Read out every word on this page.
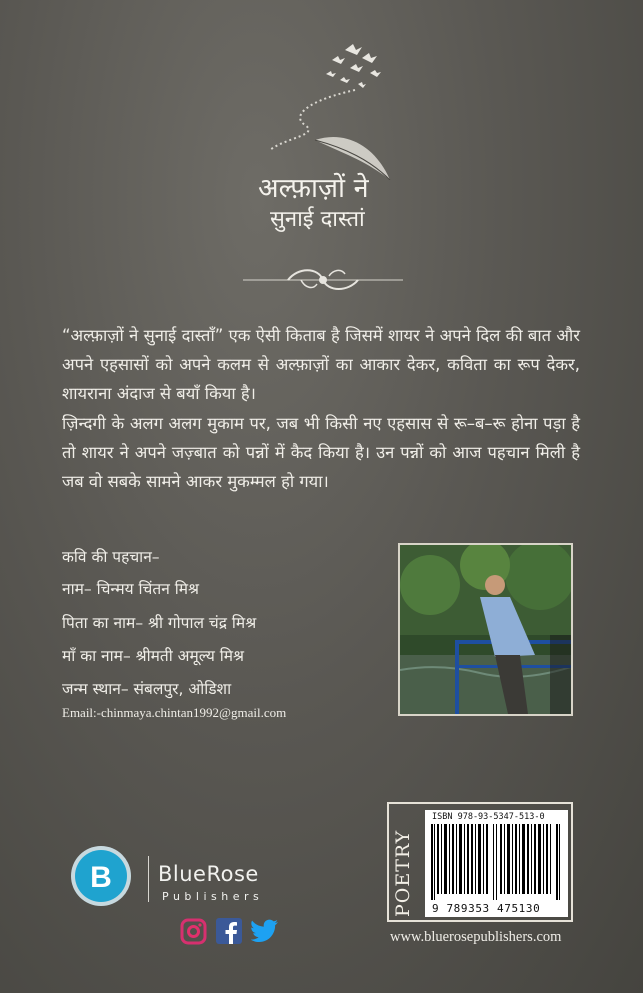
अल्फ़ाज़ों ने
सुनाई दास्तां
“अल्फ़ाज़ों ने सुनाई दास्ताँ” एक ऐसी किताब है जिसमें शायर ने अपने दिल की बात और अपने एहसासों को अपने कलम से अल्फ़ाज़ों का आकार देकर, कविता का रूप देकर, शायराना अंदाज से बयाँ किया है।
ज़िन्दगी के अलग अलग मुकाम पर, जब भी किसी नए एहसास से रू–ब–रू होना पड़ा है तो शायर ने अपने जज़्बात को पन्नों में कैद किया है। उन पन्नों को आज पहचान मिली है जब वो सबके सामने आकर मुकम्मल हो गया।
कवि की पहचान–
नाम– चिन्मय चिंतन मिश्र
पिता का नाम– श्री गोपाल चंद्र मिश्र
माँ का नाम– श्रीमती अमूल्य मिश्र
जन्म स्थान– संबलपुर, ओडिशा
Email:-chinmaya.chintan1992@gmail.com
ISBN 978-93-5347-513-0
9 789353 475130
POETRY
www.bluerosepublishers.com
B BlueRose
Publishers
